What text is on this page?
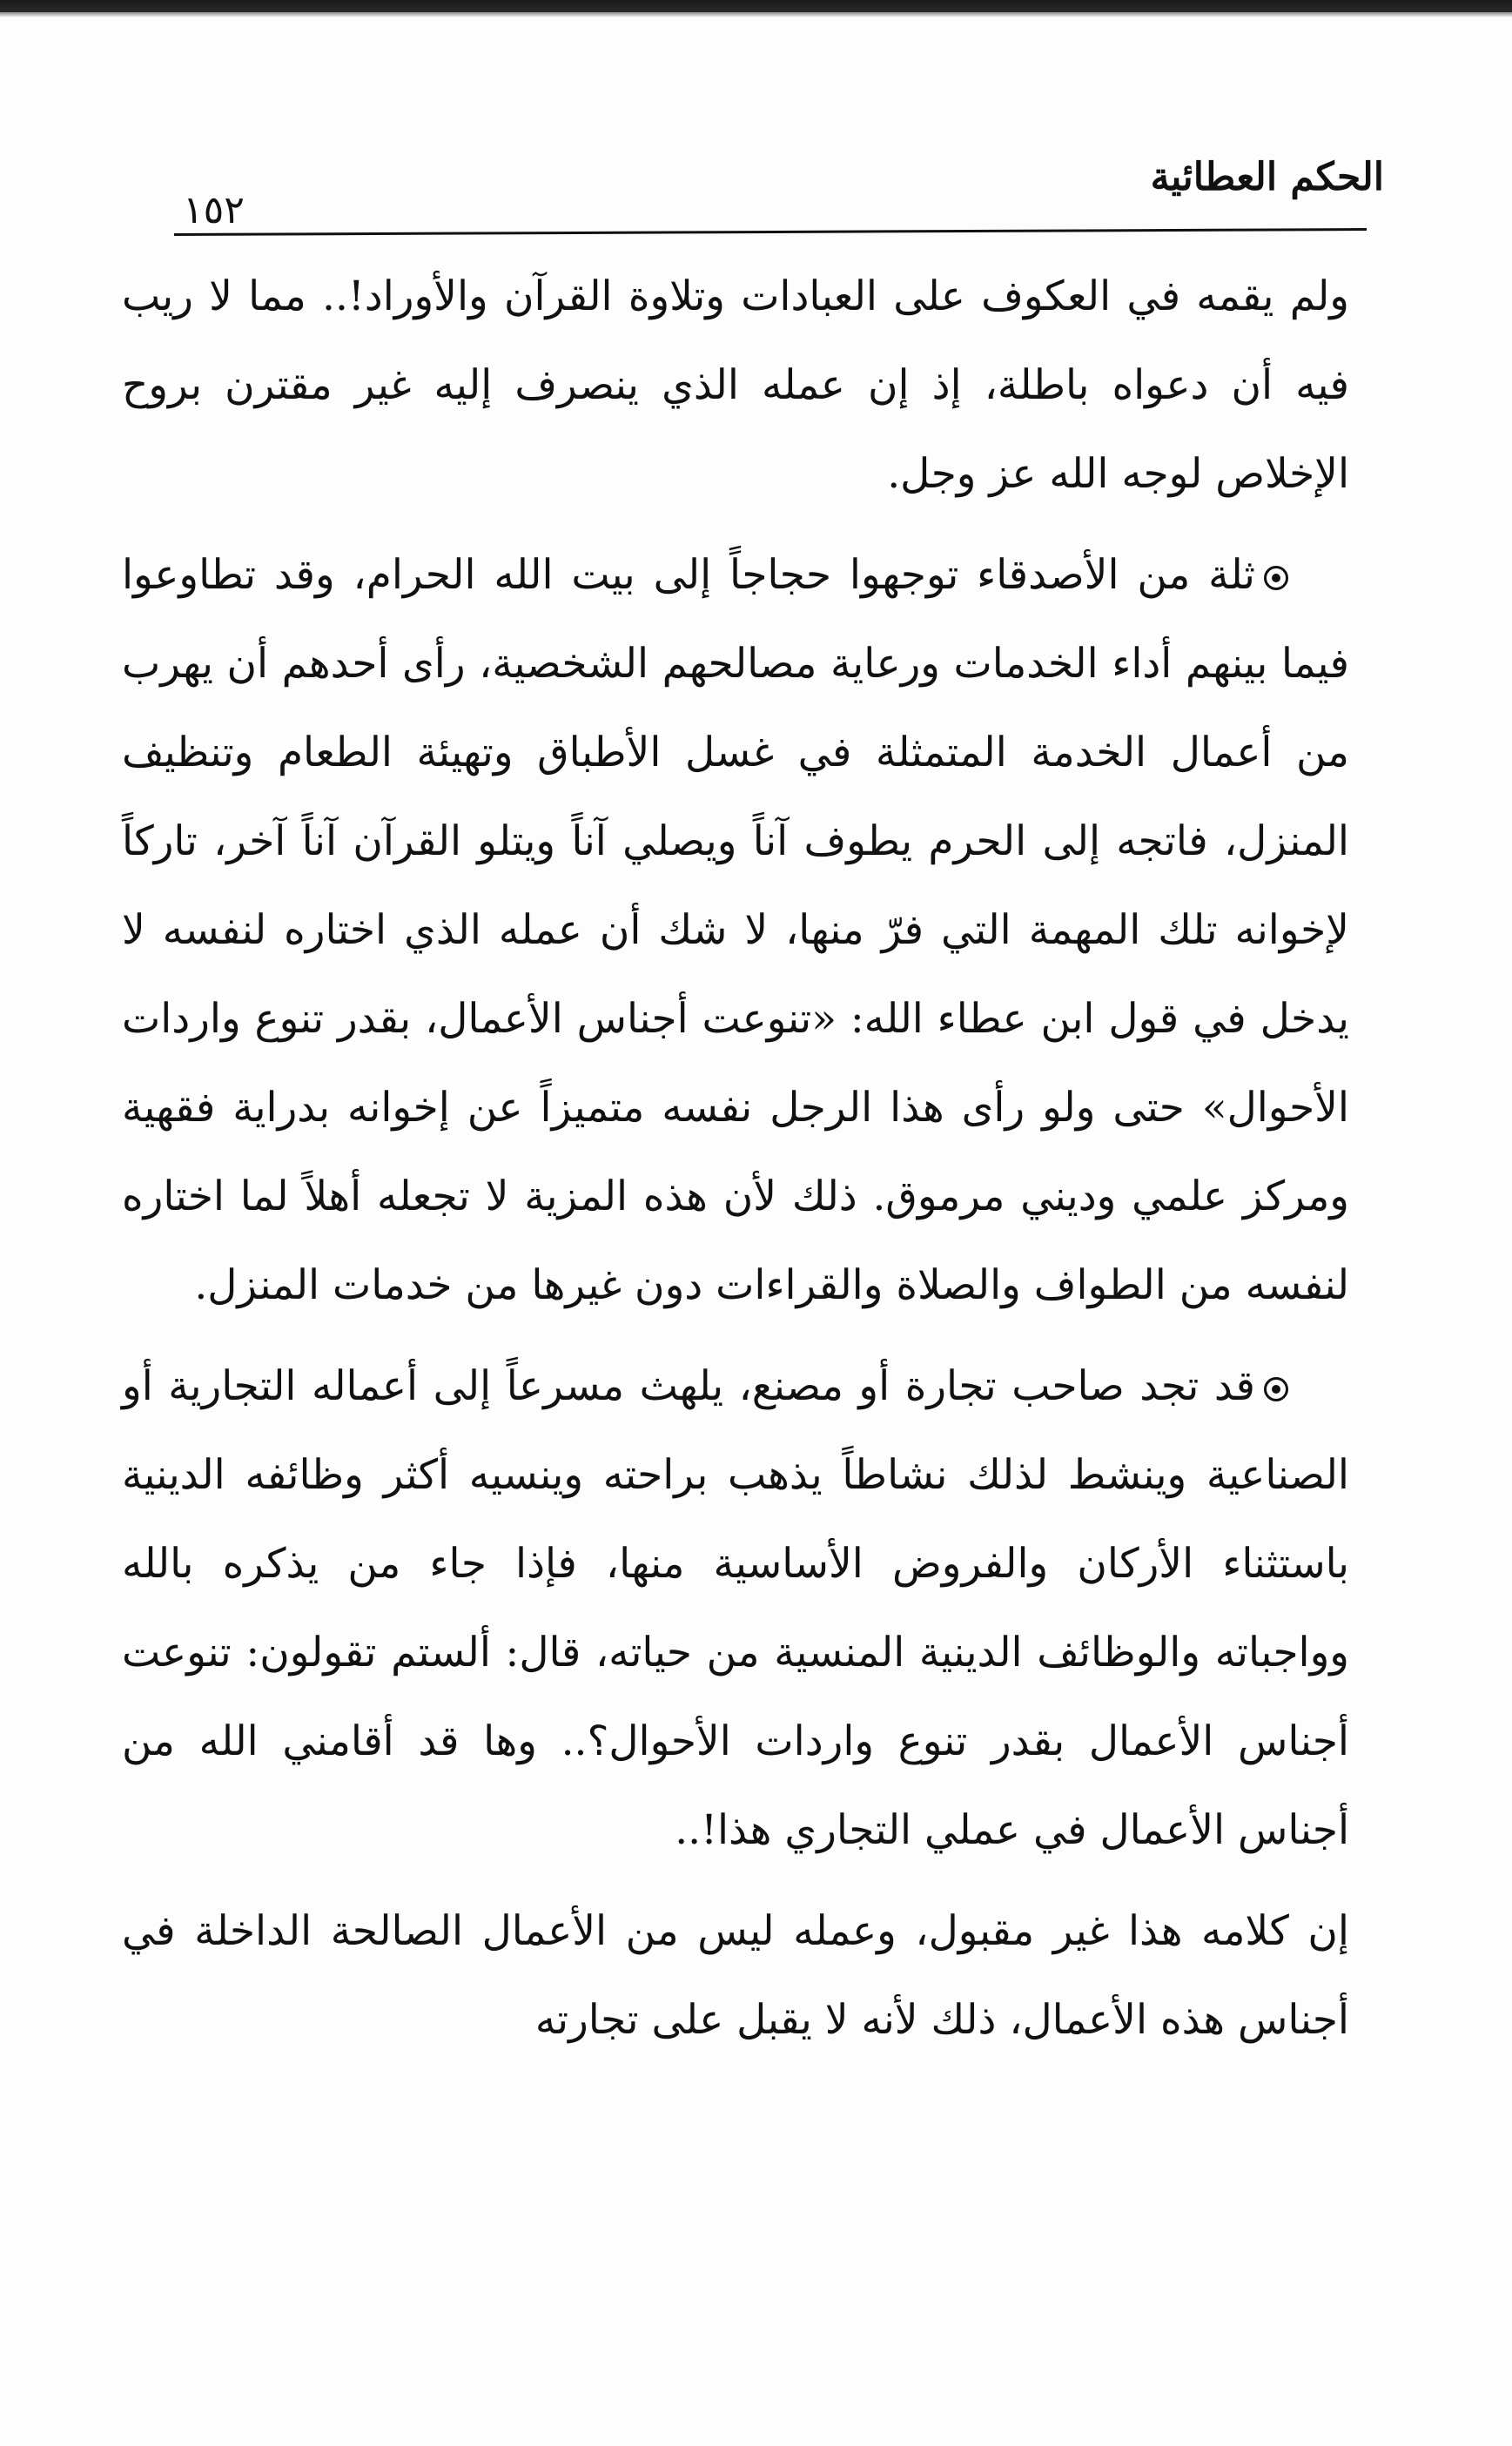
الحكم العطائية
١٥٢

ولم يقمه في العكوف على العبادات وتلاوة القرآن والأوراد!.. مما لا ريب فيه أن دعواه باطلة، إذ إن عمله الذي ينصرف إليه غير مقترن بروح الإخلاص لوجه الله عز وجل.

ثلة من الأصدقاء توجهوا حجاجاً إلى بيت الله الحرام، وقد تطاوعوا فيما بينهم أداء الخدمات ورعاية مصالحهم الشخصية، رأى أحدهم أن يهرب من أعمال الخدمة المتمثلة في غسل الأطباق وتهيئة الطعام وتنظيف المنزل، فاتجه إلى الحرم يطوف آناً ويصلي آناً ويتلو القرآن آناً آخر، تاركاً لإخوانه تلك المهمة التي فرّ منها، لا شك أن عمله الذي اختاره لنفسه لا يدخل في قول ابن عطاء الله: «تنوعت أجناس الأعمال، بقدر تنوع واردات الأحوال» حتى ولو رأى هذا الرجل نفسه متميزاً عن إخوانه بدراية فقهية ومركز علمي وديني مرموق. ذلك لأن هذه المزية لا تجعله أهلاً لما اختاره لنفسه من الطواف والصلاة والقراءات دون غيرها من خدمات المنزل.

قد تجد صاحب تجارة أو مصنع، يلهث مسرعاً إلى أعماله التجارية أو الصناعية وينشط لذلك نشاطاً يذهب براحته وينسيه أكثر وظائفه الدينية باستثناء الأركان والفروض الأساسية منها، فإذا جاء من يذكره بالله وواجباته والوظائف الدينية المنسية من حياته، قال: ألستم تقولون: تنوعت أجناس الأعمال بقدر تنوع واردات الأحوال؟.. وها قد أقامني الله من أجناس الأعمال في عملي التجاري هذا!..

إن كلامه هذا غير مقبول، وعمله ليس من الأعمال الصالحة الداخلة في أجناس هذه الأعمال، ذلك لأنه لا يقبل على تجارته
